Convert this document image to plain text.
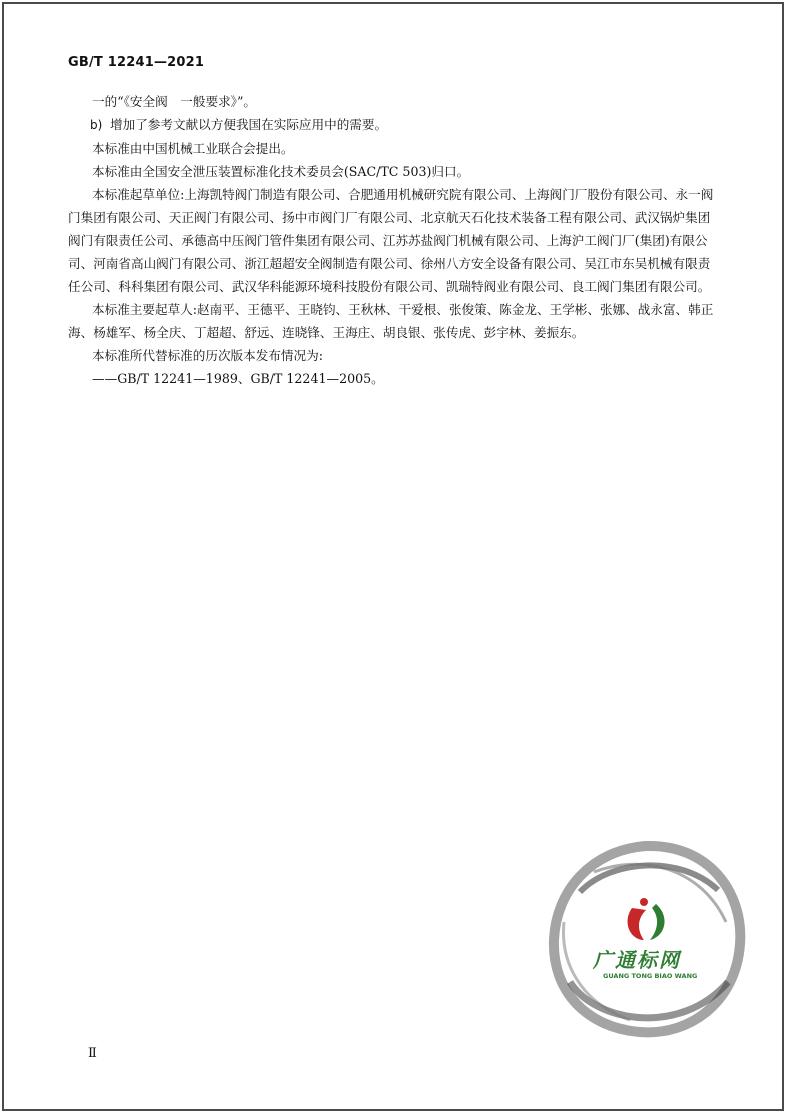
GB/T 12241—2021

一的“《安全阀　一般要求》”。

b) 增加了参考文献以方便我国在实际应用中的需要。

本标准由中国机械工业联合会提出。

本标准由全国安全泄压装置标准化技术委员会(SAC/TC 503)归口。

本标准起草单位:上海凯特阀门制造有限公司、合肥通用机械研究院有限公司、上海阀门厂股份有限公司、永一阀门集团有限公司、天正阀门有限公司、扬中市阀门厂有限公司、北京航天石化技术装备工程有限公司、武汉锅炉集团阀门有限责任公司、承德高中压阀门管件集团有限公司、江苏苏盐阀门机械有限公司、上海沪工阀门厂(集团)有限公司、河南省高山阀门有限公司、浙江超超安全阀制造有限公司、徐州八方安全设备有限公司、吴江市东吴机械有限责任公司、科科集团有限公司、武汉华科能源环境科技股份有限公司、凯瑞特阀业有限公司、良工阀门集团有限公司。

本标准主要起草人:赵南平、王德平、王晓钧、王秋林、干爱根、张俊策、陈金龙、王学彬、张娜、战永富、韩正海、杨雄军、杨全庆、丁超超、舒远、连晓锋、王海庄、胡良银、张传虎、彭宇林、姜振东。

本标准所代替标准的历次版本发布情况为:

——GB/T 12241—1989、GB/T 12241—2005。

广通标网
GUANG TONG BIAO WANG
Ⅱ
